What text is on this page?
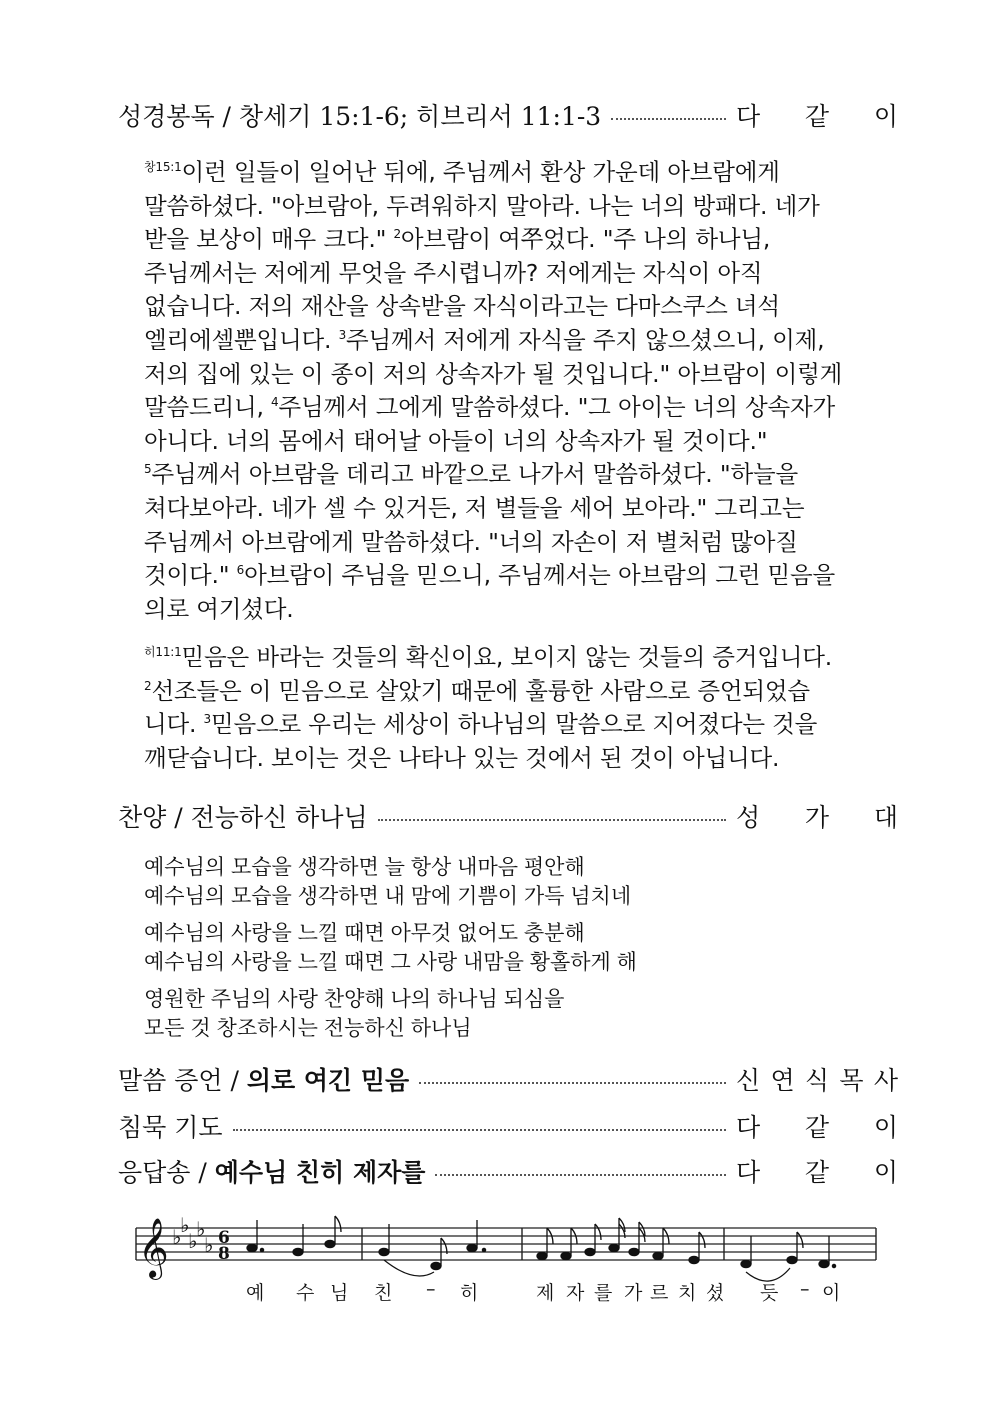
성경봉독 / 창세기 15:1-6; 히브리서 11:1-3	다 같 이
$^{창15:1}$이런 일들이 일어난 뒤에, 주님께서 환상 가운데 아브람에게
말씀하셨다. "아브람아, 두려워하지 말아라. 나는 너의 방패다. 네가
받을 보상이 매우 크다." $^2$아브람이 여쭈었다. "주 나의 하나님,
주님께서는 저에게 무엇을 주시렵니까? 저에게는 자식이 아직
없습니다. 저의 재산을 상속받을 자식이라고는 다마스쿠스 녀석
엘리에셀뿐입니다. $^3$주님께서 저에게 자식을 주지 않으셨으니, 이제,
저의 집에 있는 이 종이 저의 상속자가 될 것입니다." 아브람이 이렇게
말씀드리니, $^4$주님께서 그에게 말씀하셨다. "그 아이는 너의 상속자가
아니다. 너의 몸에서 태어날 아들이 너의 상속자가 될 것이다."
$^5$주님께서 아브람을 데리고 바깥으로 나가서 말씀하셨다. "하늘을
쳐다보아라. 네가 셀 수 있거든, 저 별들을 세어 보아라." 그리고는
주님께서 아브람에게 말씀하셨다. "너의 자손이 저 별처럼 많아질
것이다." $^6$아브람이 주님을 믿으니, 주님께서는 아브람의 그런 믿음을
의로 여기셨다.
$^{히11:1}$믿음은 바라는 것들의 확신이요, 보이지 않는 것들의 증거입니다.
$^2$선조들은 이 믿음으로 살았기 때문에 훌륭한 사람으로 증언되었습
니다. $^3$믿음으로 우리는 세상이 하나님의 말씀으로 지어졌다는 것을
깨닫습니다. 보이는 것은 나타나 있는 것에서 된 것이 아닙니다.
찬양 / 전능하신 하나님	성 가 대
예수님의 모습을 생각하면 늘 항상 내마음 평안해
예수님의 모습을 생각하면 내 맘에 기쁨이 가득 넘치네
예수님의 사랑을 느낄 때면 아무것 없어도 충분해
예수님의 사랑을 느낄 때면 그 사랑 내맘을 황홀하게 해
영원한 주님의 사랑 찬양해 나의 하나님 되심을
모든 것 창조하시는 전능하신 하나님
말씀 증언 / 의로 여긴 믿음	신 연 식 목 사
침묵 기도	다 같 이
응답송 / 예수님 친히 제자를	다 같 이
𝄞 ♭
♭
♭
♭
♭ 6
8
예 수 님 친 – 히	제 자 를 가 르 치 셨 듯 – 이
